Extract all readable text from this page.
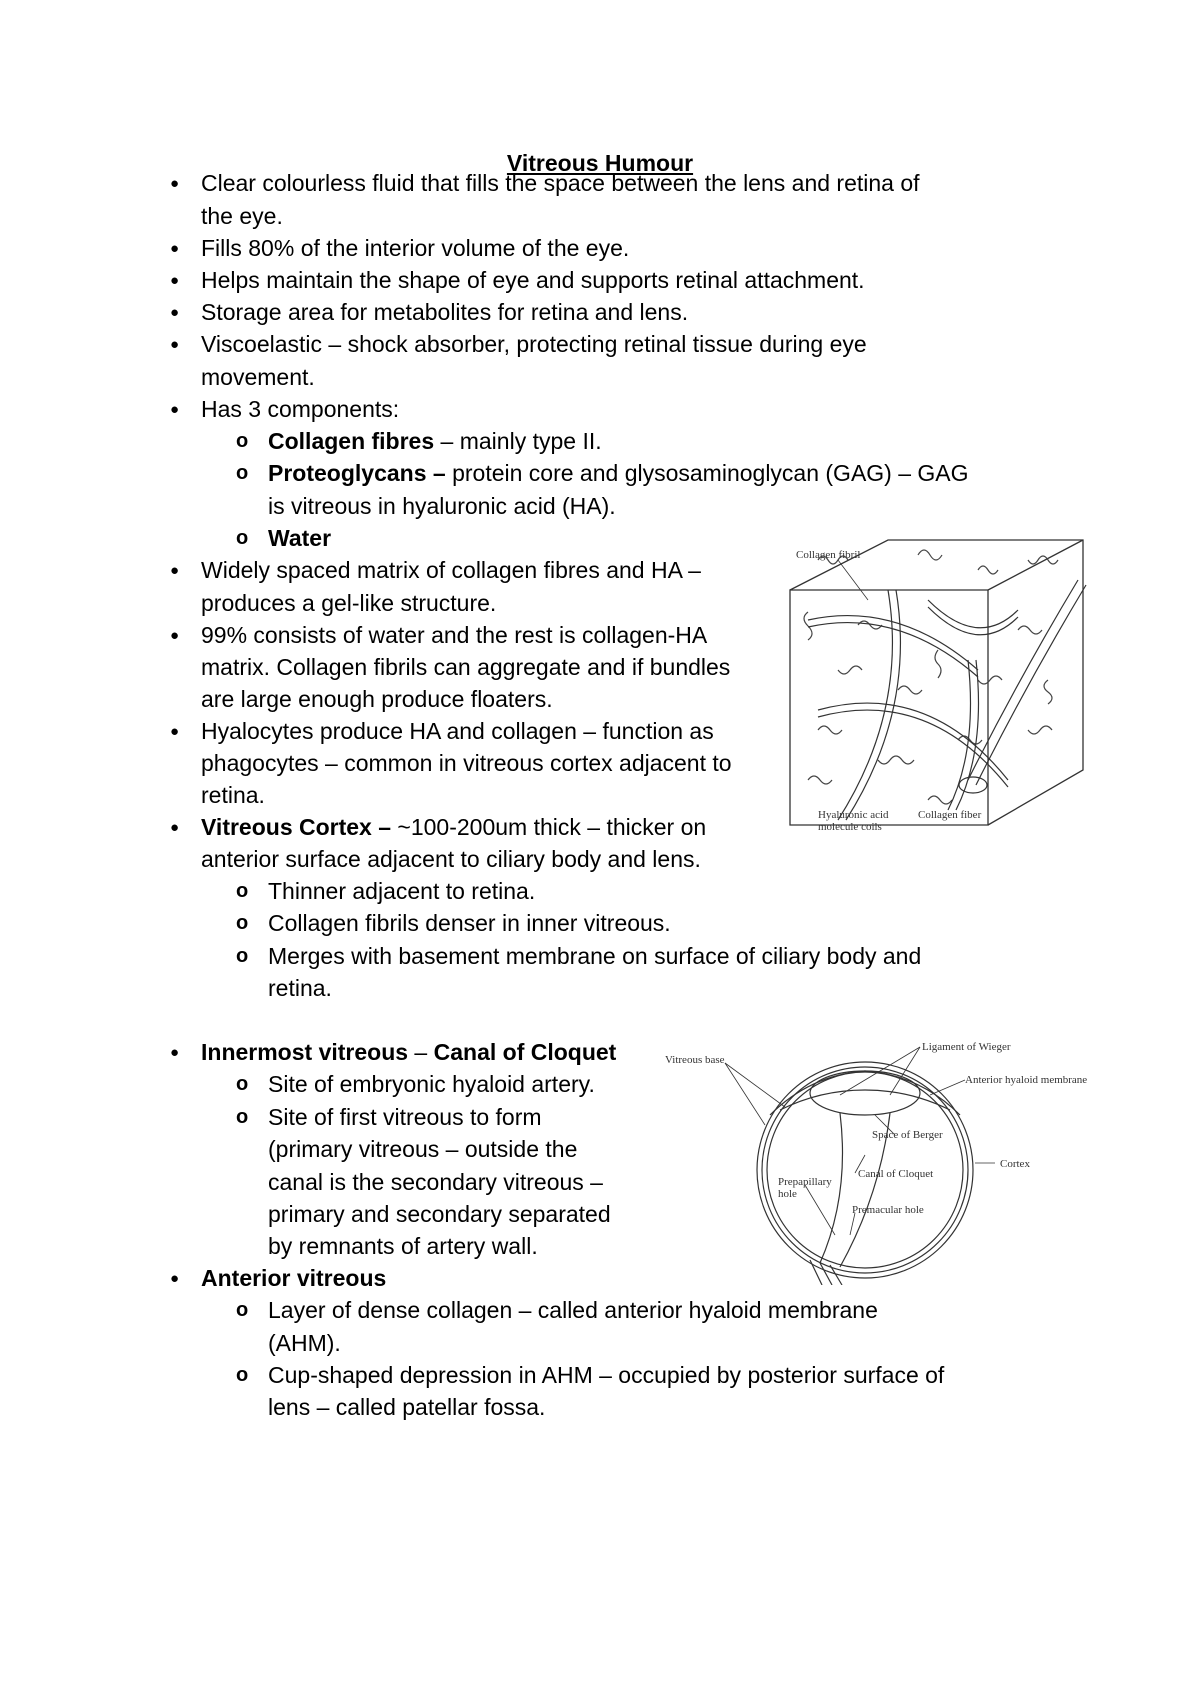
Vitreous Humour
● Clear colourless fluid that fills the space between the lens and retina of
the eye.
● Fills 80% of the interior volume of the eye.
● Helps maintain the shape of eye and supports retinal attachment.
● Storage area for metabolites for retina and lens.
● Viscoelastic – shock absorber, protecting retinal tissue during eye
movement.
● Has 3 components:
o Collagen fibres – mainly type II.
o Proteoglycans – protein core and glysosaminoglycan (GAG) – GAG
is vitreous in hyaluronic acid (HA).
o Water
● Widely spaced matrix of collagen fibres and HA –
produces a gel-like structure.
● 99% consists of water and the rest is collagen-HA
matrix. Collagen fibrils can aggregate and if bundles
are large enough produce floaters.
● Hyalocytes produce HA and collagen – function as
phagocytes – common in vitreous cortex adjacent to
retina.
● Vitreous Cortex – ~100-200um thick – thicker on
anterior surface adjacent to ciliary body and lens.
o Thinner adjacent to retina.
o Collagen fibrils denser in inner vitreous.
o Merges with basement membrane on surface of ciliary body and
retina.
● Innermost vitreous – Canal of Cloquet
o Site of embryonic hyaloid artery.
o Site of first vitreous to form
(primary vitreous – outside the
canal is the secondary vitreous –
primary and secondary separated
by remnants of artery wall.
● Anterior vitreous
o Layer of dense collagen – called anterior hyaloid membrane
(AHM).
o Cup-shaped depression in AHM – occupied by posterior surface of
lens – called patellar fossa.
Collagen fibril
Hyaluronic acid
molecule coils
Collagen fiber
Vitreous base
Ligament of Wieger
Anterior hyaloid membrane
Space of Berger
Cortex
Canal of Cloquet
Prepapillary
hole
Premacular hole
